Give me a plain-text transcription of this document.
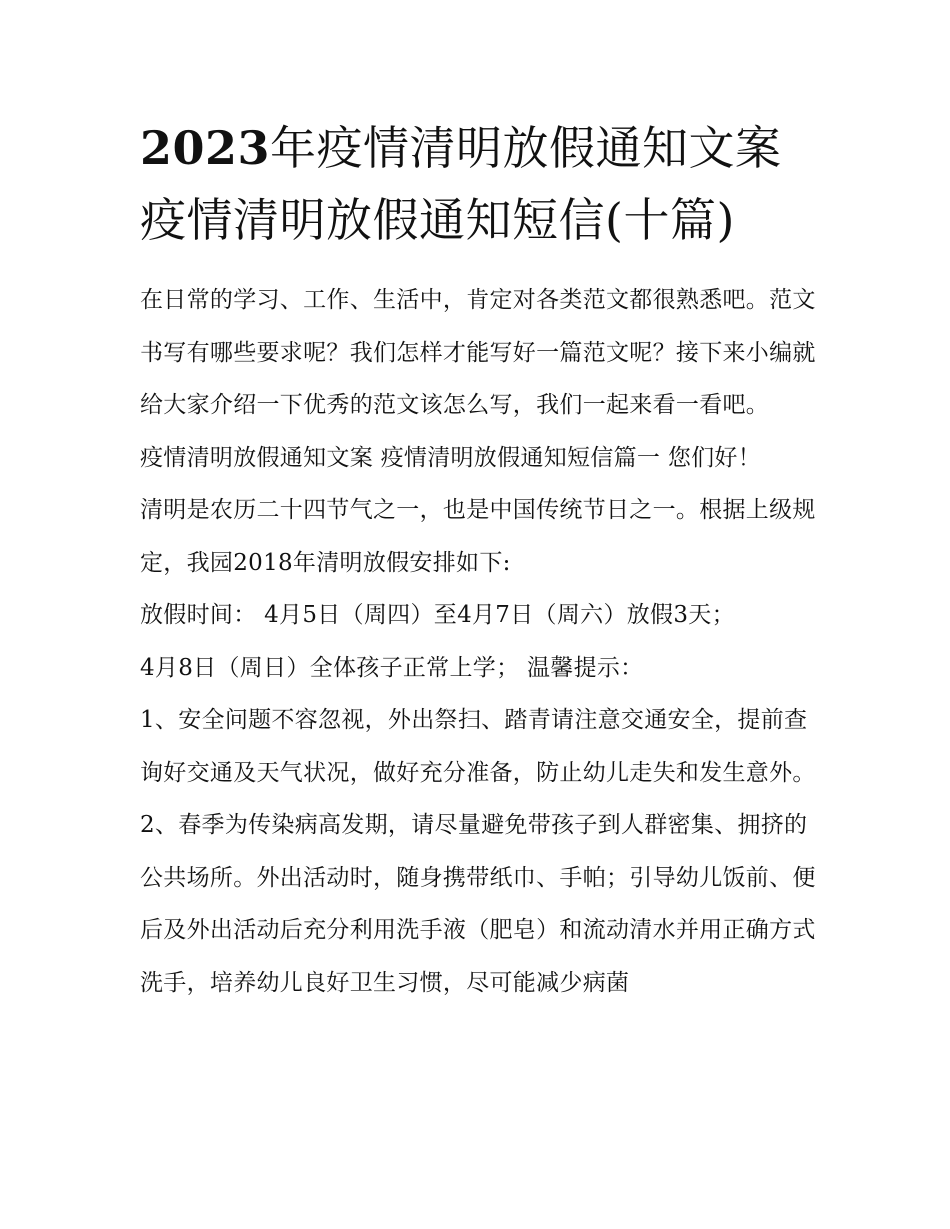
2023年疫情清明放假通知文案
疫情清明放假通知短信(十篇)

在日常的学习、工作、生活中，肯定对各类范文都很熟悉吧。范文书写有哪些要求呢？我们怎样才能写好一篇范文呢？接下来小编就给大家介绍一下优秀的范文该怎么写，我们一起来看一看吧。

疫情清明放假通知文案 疫情清明放假通知短信篇一 您们好！

清明是农历二十四节气之一，也是中国传统节日之一。根据上级规定，我园2018年清明放假安排如下:

放假时间： 4月5日（周四）至4月7日（周六）放假3天；

4月8日（周日）全体孩子正常上学； 温馨提示：

1、安全问题不容忽视，外出祭扫、踏青请注意交通安全，提前查询好交通及天气状况，做好充分准备，防止幼儿走失和发生意外。

2、春季为传染病高发期，请尽量避免带孩子到人群密集、拥挤的公共场所。外出活动时，随身携带纸巾、手帕；引导幼儿饭前、便后及外出活动后充分利用洗手液（肥皂）和流动清水并用正确方式洗手，培养幼儿良好卫生习惯，尽可能减少病菌
